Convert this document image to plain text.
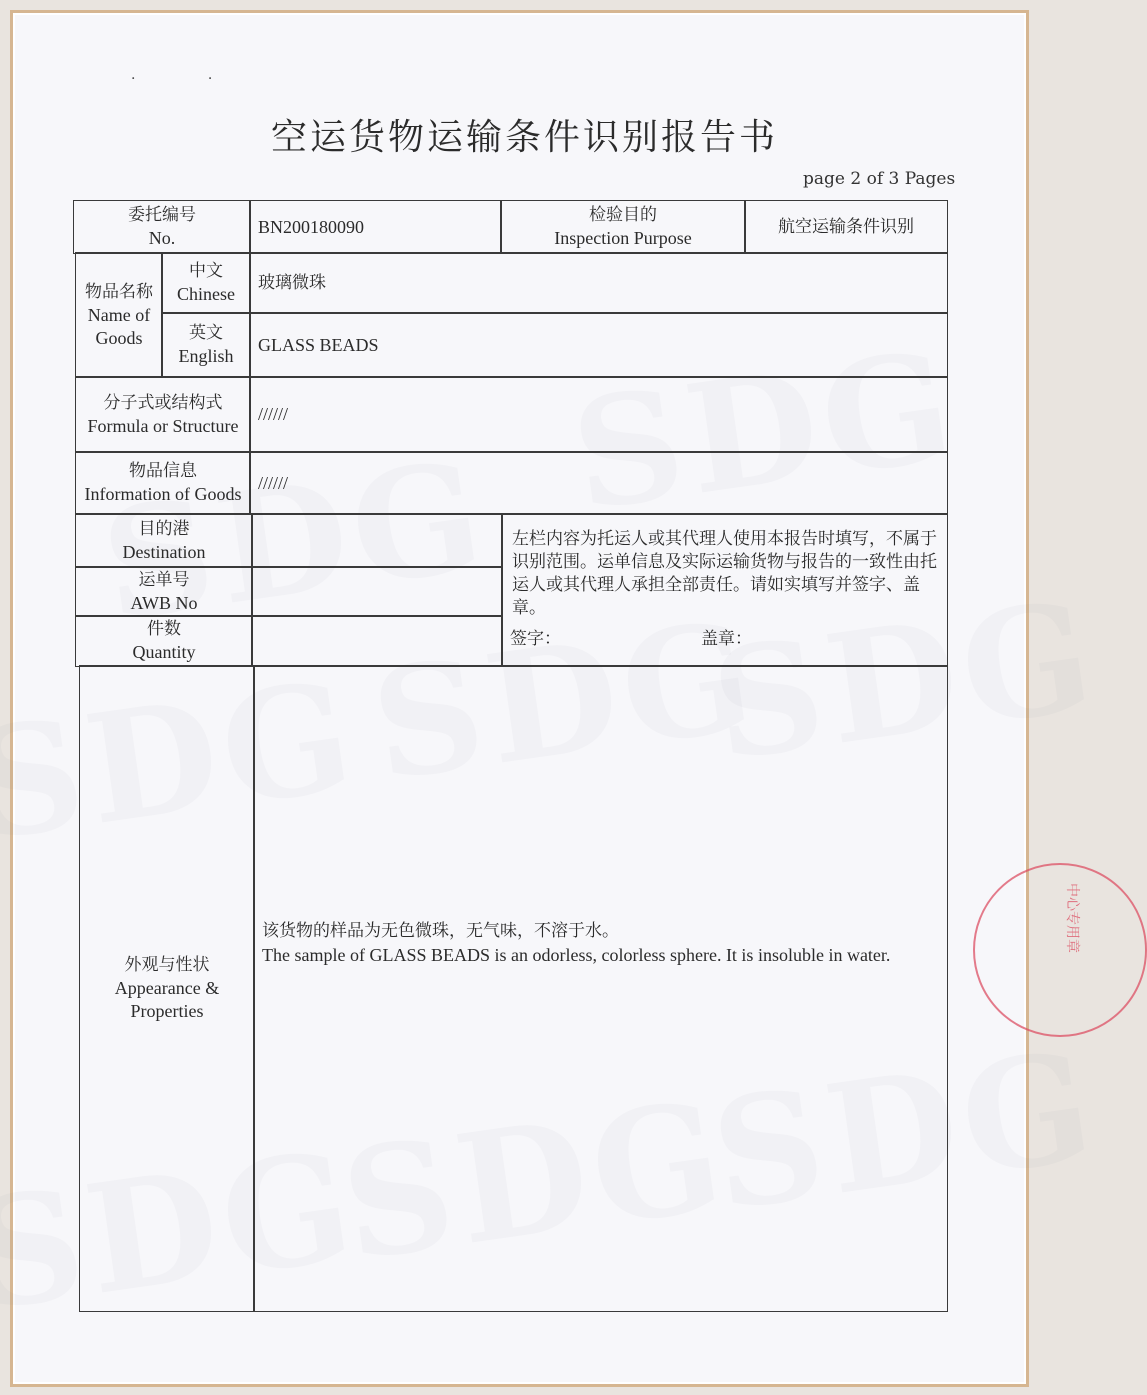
· ·
空运货物运输条件识别报告书
page 2 of 3 Pages
委托编号
No.
BN200180090
检验目的
Inspection Purpose
航空运输条件识别
物品名称
Name of Goods
中文
Chinese
玻璃微珠
英文
English
GLASS BEADS
分子式或结构式
Formula or Structure
//////
物品信息
Information of Goods
//////
目的港
Destination
运单号
AWB No
件数
Quantity
左栏内容为托运人或其代理人使用本报告时填写，不属于识别范围。运单信息及实际运输货物与报告的一致性由托运人或其代理人承担全部责任。请如实填写并签字、盖章。
签字：	盖章：
外观与性状
Appearance &
Properties
该货物的样品为无色微珠，无气味，不溶于水。
The sample of GLASS BEADS is an odorless, colorless sphere. It is insoluble in water.
中心专用章
